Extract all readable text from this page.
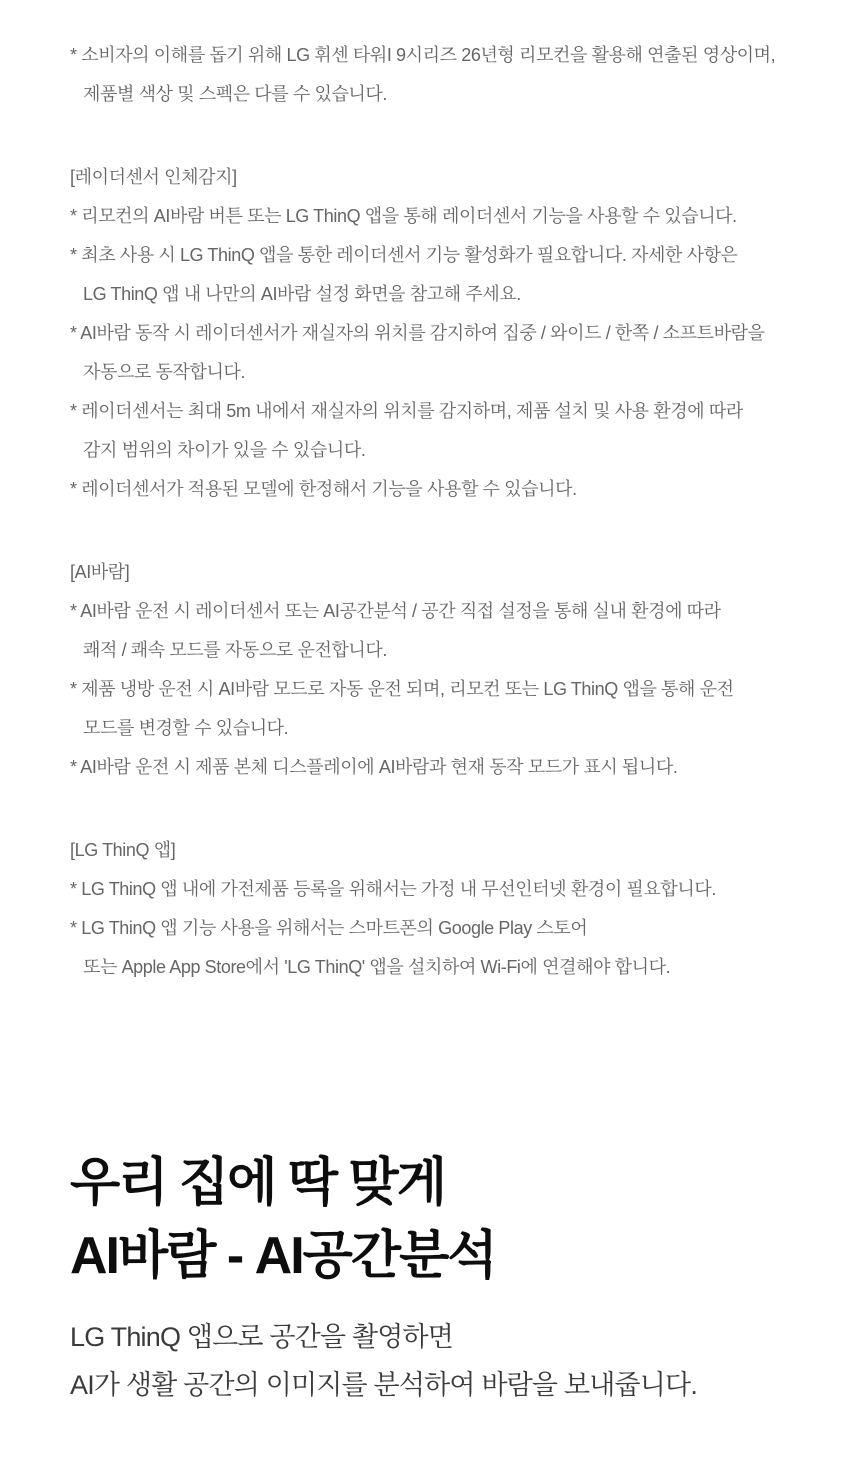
* 소비자의 이해를 돕기 위해 LG 휘센 타워I 9시리즈 26년형 리모컨을 활용해 연출된 영상이며,

제품별 색상 및 스펙은 다를 수 있습니다.

[레이더센서 인체감지]

* 리모컨의 AI바람 버튼 또는 LG ThinQ 앱을 통해 레이더센서 기능을 사용할 수 있습니다.

* 최초 사용 시 LG ThinQ 앱을 통한 레이더센서 기능 활성화가 필요합니다. 자세한 사항은

LG ThinQ 앱 내 나만의 AI바람 설정 화면을 참고해 주세요.

* AI바람 동작 시 레이더센서가 재실자의 위치를 감지하여 집중 / 와이드 / 한쪽 / 소프트바람을

자동으로 동작합니다.

* 레이더센서는 최대 5m 내에서 재실자의 위치를 감지하며, 제품 설치 및 사용 환경에 따라

감지 범위의 차이가 있을 수 있습니다.

* 레이더센서가 적용된 모델에 한정해서 기능을 사용할 수 있습니다.

[AI바람]

* AI바람 운전 시 레이더센서 또는 AI공간분석 / 공간 직접 설정을 통해 실내 환경에 따라

쾌적 / 쾌속 모드를 자동으로 운전합니다.

* 제품 냉방 운전 시 AI바람 모드로 자동 운전 되며, 리모컨 또는 LG ThinQ 앱을 통해 운전

모드를 변경할 수 있습니다.

* AI바람 운전 시 제품 본체 디스플레이에 AI바람과 현재 동작 모드가 표시 됩니다.

[LG ThinQ 앱]

* LG ThinQ 앱 내에 가전제품 등록을 위해서는 가정 내 무선인터넷 환경이 필요합니다.

* LG ThinQ 앱 기능 사용을 위해서는 스마트폰의 Google Play 스토어

또는 Apple App Store에서 'LG ThinQ' 앱을 설치하여 Wi-Fi에 연결해야 합니다.

우리 집에 딱 맞게
AI바람 - AI공간분석
LG ThinQ 앱으로 공간을 촬영하면
AI가 생활 공간의 이미지를 분석하여 바람을 보내줍니다.
